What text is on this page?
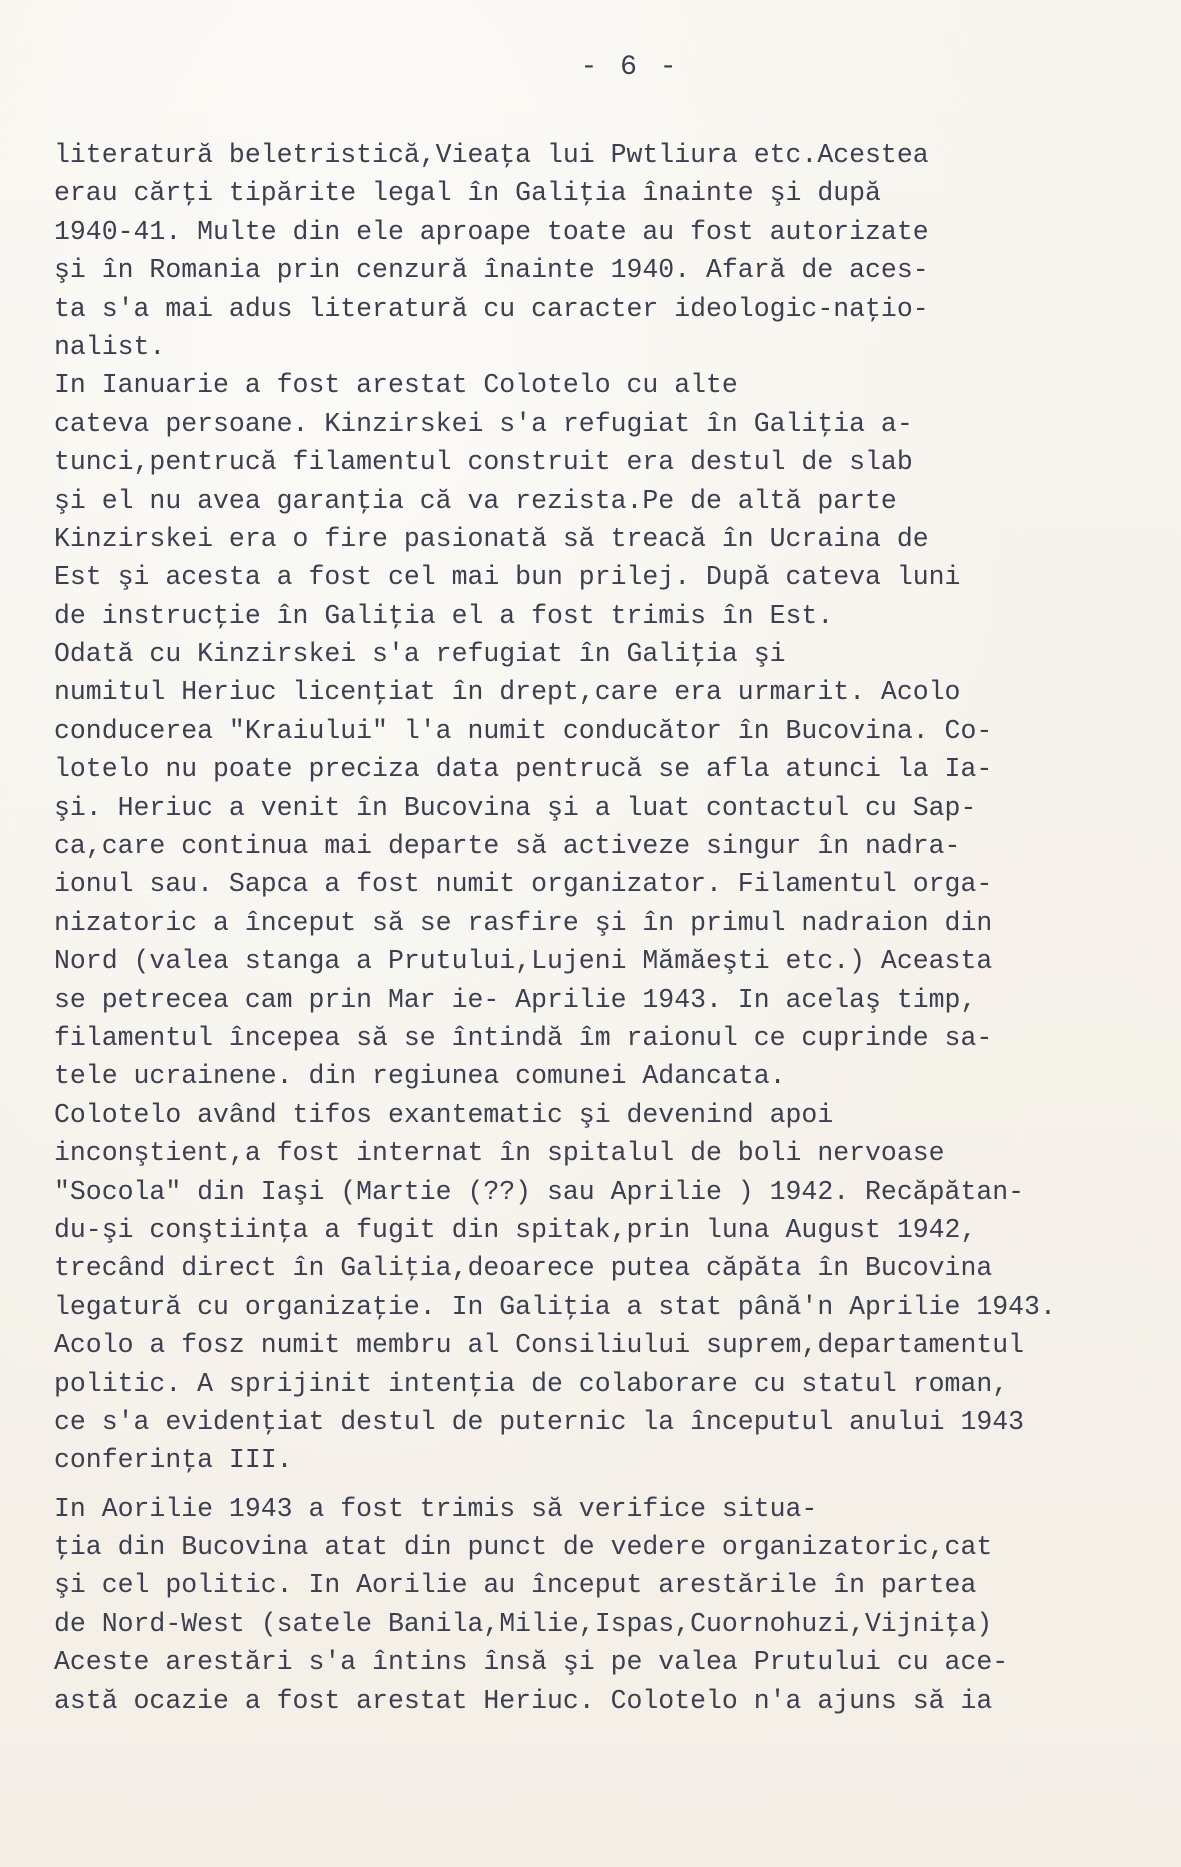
- 6 -
literatură beletristică,Vieaţa lui Pwtliura etc.Acestea
erau cărţi tipărite legal în Galiţia înainte şi după
1940-41. Multe din ele aproape toate au fost autorizate
şi în Romania prin cenzură înainte 1940. Afară de aces-
ta s'a mai adus literatură cu caracter ideologic-naţio-
nalist.
In Ianuarie a fost arestat Colotelo cu alte
cateva persoane. Kinzirskei s'a refugiat în Galiţia a-
tunci,pentrucă filamentul construit era destul de slab
şi el nu avea garanţia că va rezista.Pe de altă parte
Kinzirskei era o fire pasionată să treacă în Ucraina de
Est şi acesta a fost cel mai bun prilej. După cateva luni
de instrucţie în Galiţia el a fost trimis în Est.
Odată cu Kinzirskei s'a refugiat în Galiţia şi
numitul Heriuc licenţiat în drept,care era urmarit. Acolo
conducerea "Kraiului" l'a numit conducător în Bucovina. Co-
lotelo nu poate preciza data pentrucă se afla atunci la Ia-
şi. Heriuc a venit în Bucovina şi a luat contactul cu Sap-
ca,care continua mai departe să activeze singur în nadra-
ionul sau. Sapca a fost numit organizator. Filamentul orga-
nizatoric a început să se rasfire şi în primul nadraion din
Nord (valea stanga a Prutului,Lujeni Mămăeşti etc.) Aceasta
se petrecea cam prin Mar ie- Aprilie 1943. In acelaş timp,
filamentul începea să se întindă îm raionul ce cuprinde sa-
tele ucrainene. din regiunea comunei Adancata.
Colotelo având tifos exantematic şi devenind apoi
inconştient,a fost internat în spitalul de boli nervoase
"Socola" din Iaşi (Martie (??) sau Aprilie ) 1942. Recăpătan-
du-şi conştiinţa a fugit din spitak,prin luna August 1942,
trecând direct în Galiţia,deoarece putea căpăta în Bucovina
legatură cu organizaţie. In Galiţia a stat până'n Aprilie 1943.
Acolo a fosz numit membru al Consiliului suprem,departamentul
politic. A sprijinit intenţia de colaborare cu statul roman,
ce s'a evidenţiat destul de puternic la începutul anului 1943
conferinţa III.
In Aorilie 1943 a fost trimis să verifice situa-
ţia din Bucovina atat din punct de vedere organizatoric,cat
şi cel politic. In Aorilie au început arestările în partea
de Nord-West (satele Banila,Milie,Ispas,Cuornohuzi,Vijniţa)
Aceste arestări s'a întins însă şi pe valea Prutului cu ace-
astă ocazie a fost arestat Heriuc. Colotelo n'a ajuns să ia
